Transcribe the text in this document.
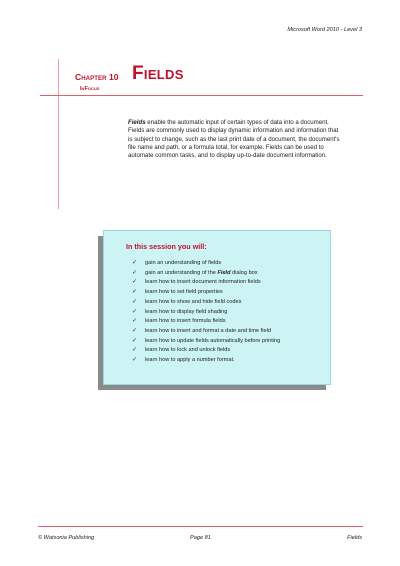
Microsoft Word 2010 - Level 3
Chapter 10 Fields
InFocus
Fields enable the automatic input of certain types of data into a document. Fields are commonly used to display dynamic information and information that is subject to change, such as the last print date of a document, the document's file name and path, or a formula total, for example. Fields can be used to automate common tasks, and to display up-to-date document information.
In this session you will:
✓ gain an understanding of fields
✓ gain an understanding of the Field dialog box
✓ learn how to insert document information fields
✓ learn how to set field properties
✓ learn how to show and hide field codes
✓ learn how to display field shading
✓ learn how to insert formula fields
✓ learn how to insert and format a date and time field
✓ learn how to update fields automatically before printing
✓ learn how to lock and unlock fields
✓ learn how to apply a number format.
© Watsonia Publishing	Page 81	Fields
